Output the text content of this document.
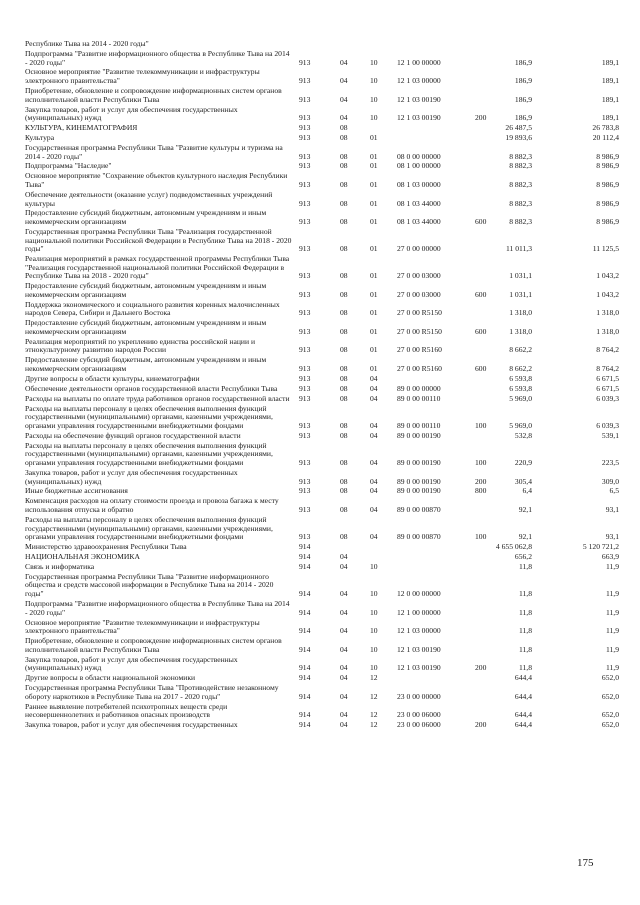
Республике Тыва на 2014 - 2020 годы"
Подпрограмма "Развитие информационного общества в Республике Тыва на 2014 - 2020 годы"	913	04	10	12 1 00 00000	186,9	189,1
Основное мероприятие "Развитие телекоммуникации и инфраструктуры электронного правительства"	913	04	10	12 1 03 00000	186,9	189,1
Приобретение, обновление и сопровождение информационных систем органов исполнительной власти Республики Тыва	913	04	10	12 1 03 00190	186,9	189,1
Закупка товаров, работ и услуг для обеспечения государственных (муниципальных) нужд	913	04	10	12 1 03 00190	200	186,9	189,1
КУЛЬТУРА, КИНЕМАТОГРАФИЯ	913	08	26 487,5	26 783,8
Культура	913	08	01	19 893,6	20 112,4
Государственная программа Республики Тыва "Развитие культуры и туризма на 2014 - 2020 годы"	913	08	01	08 0 00 00000	8 882,3	8 986,9
Подпрограмма "Наследие"	913	08	01	08 1 00 00000	8 882,3	8 986,9
Основное мероприятие "Сохранение объектов культурного наследия Республики Тыва"	913	08	01	08 1 03 00000	8 882,3	8 986,9
Обеспечение деятельности (оказание услуг) подведомственных учреждений культуры	913	08	01	08 1 03 44000	8 882,3	8 986,9
Предоставление субсидий бюджетным, автономным учреждениям и иным некоммерческим организациям	913	08	01	08 1 03 44000	600	8 882,3	8 986,9
Государственная программа Республики Тыва "Реализация государственной национальной политики Российской Федерации в Республике Тыва на 2018 - 2020 годы"	913	08	01	27 0 00 00000	11 011,3	11 125,5
Реализация мероприятий в рамках государственной программы Республики Тыва "Реализация государственной национальной политики Российской Федерации в Республике Тыва на 2018 - 2020 годы"	913	08	01	27 0 00 03000	1 031,1	1 043,2
Предоставление субсидий бюджетным, автономным учреждениям и иным некоммерческим организациям	913	08	01	27 0 00 03000	600	1 031,1	1 043,2
Поддержка экономического и социального развития коренных малочисленных народов Севера, Сибири и Дальнего Востока	913	08	01	27 0 00 R5150	1 318,0	1 318,0
Предоставление субсидий бюджетным, автономным учреждениям и иным некоммерческим организациям	913	08	01	27 0 00 R5150	600	1 318,0	1 318,0
Реализация мероприятий по укреплению единства российской нации и этнокультурному развитию народов России	913	08	01	27 0 00 R5160	8 662,2	8 764,2
Предоставление субсидий бюджетным, автономным учреждениям и иным некоммерческим организациям	913	08	01	27 0 00 R5160	600	8 662,2	8 764,2
Другие вопросы в области культуры, кинематографии	913	08	04	6 593,8	6 671,5
Обеспечение деятельности органов государственной власти Республики Тыва	913	08	04	89 0 00 00000	6 593,8	6 671,5
Расходы на выплаты по оплате труда работников органов государственной власти	913	08	04	89 0 00 00110	5 969,0	6 039,3
Расходы на выплаты персоналу в целях обеспечения выполнения функций государственными (муниципальными) органами, казенными учреждениями, органами управления государственными внебюджетными фондами	913	08	04	89 0 00 00110	100	5 969,0	6 039,3
Расходы на обеспечение функций органов государственной власти	913	08	04	89 0 00 00190	532,8	539,1
Расходы на выплаты персоналу в целях обеспечения выполнения функций государственными (муниципальными) органами, казенными учреждениями, органами управления государственными внебюджетными фондами	913	08	04	89 0 00 00190	100	220,9	223,5
Закупка товаров, работ и услуг для обеспечения государственных (муниципальных) нужд	913	08	04	89 0 00 00190	200	305,4	309,0
Иные бюджетные ассигнования	913	08	04	89 0 00 00190	800	6,4	6,5
Компенсация расходов на оплату стоимости проезда и провоза багажа к месту использования отпуска и обратно	913	08	04	89 0 00 00870	92,1	93,1
Расходы на выплаты персоналу в целях обеспечения выполнения функций государственными (муниципальными) органами, казенными учреждениями, органами управления государственными внебюджетными фондами	913	08	04	89 0 00 00870	100	92,1	93,1
Министерство здравоохранения Республики Тыва	914	4 655 062,8	5 120 721,2
НАЦИОНАЛЬНАЯ ЭКОНОМИКА	914	04	656,2	663,9
Связь и информатика	914	04	10	11,8	11,9
Государственная программа Республики Тыва "Развитие информационного общества и средств массовой информации в Республике Тыва на 2014 - 2020 годы"	914	04	10	12 0 00 00000	11,8	11,9
Подпрограмма "Развитие информационного общества в Республике Тыва на 2014 - 2020 годы"	914	04	10	12 1 00 00000	11,8	11,9
Основное мероприятие "Развитие телекоммуникации и инфраструктуры электронного правительства"	914	04	10	12 1 03 00000	11,8	11,9
Приобретение, обновление и сопровождение информационных систем органов исполнительной власти Республики Тыва	914	04	10	12 1 03 00190	11,8	11,9
Закупка товаров, работ и услуг для обеспечения государственных (муниципальных) нужд	914	04	10	12 1 03 00190	200	11,8	11,9
Другие вопросы в области национальной экономики	914	04	12	644,4	652,0
Государственная программа Республики Тыва "Противодействие незаконному обороту наркотиков в Республике Тыва на 2017 - 2020 годы"	914	04	12	23 0 00 00000	644,4	652,0
Раннее выявление потребителей психотропных веществ среди несовершеннолетних и работников опасных производств	914	04	12	23 0 00 06000	644,4	652,0
Закупка товаров, работ и услуг для обеспечения государственных	914	04	12	23 0 00 06000	200	644,4	652,0
175
